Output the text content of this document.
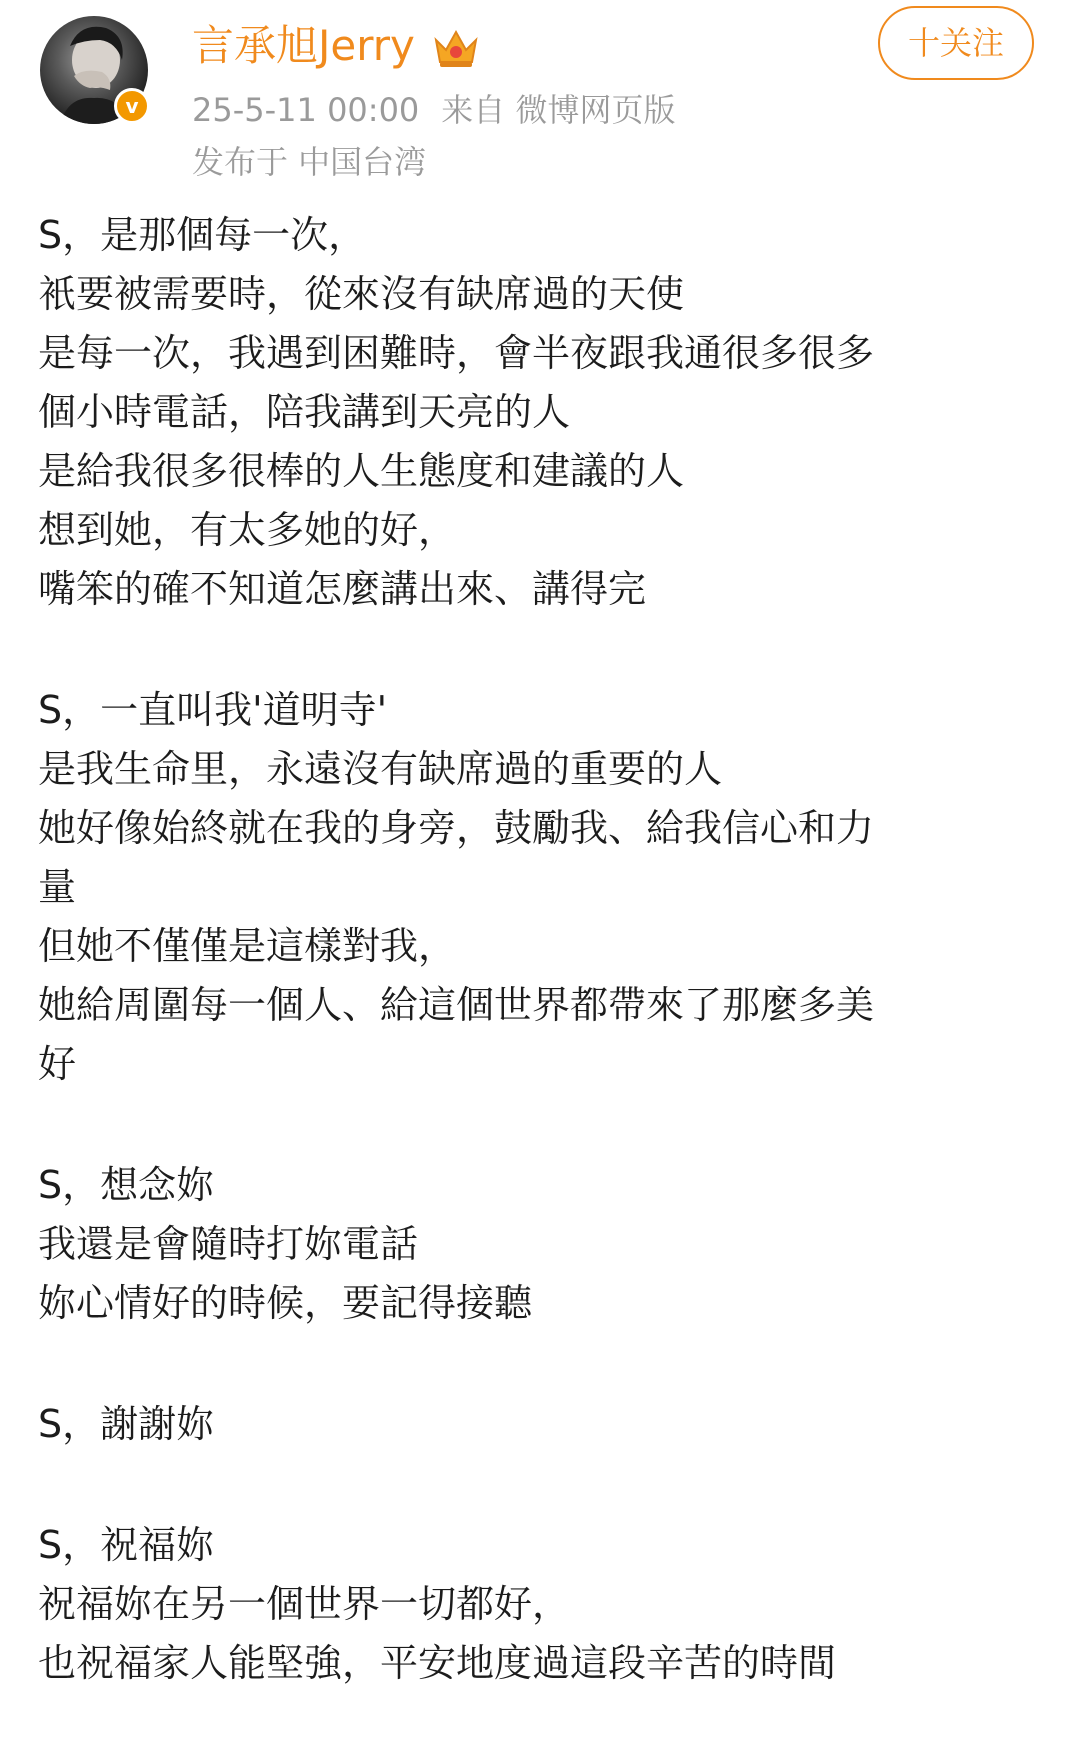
v
言承旭Jerry
25-5-11 00:00 来自 微博网页版
发布于 中国台湾
十关注
S，是那個每一次，
衹要被需要時，從來沒有缺席過的天使
是每一次，我遇到困難時，會半夜跟我通很多很多
個小時電話，陪我講到天亮的人
是給我很多很棒的人生態度和建議的人
想到她，有太多她的好，
嘴笨的確不知道怎麼講出來、講得完
S，一直叫我'道明寺'
是我生命里，永遠沒有缺席過的重要的人
她好像始終就在我的身旁，鼓勵我、給我信心和力
量
但她不僅僅是這樣對我，
她給周圍每一個人、給這個世界都帶來了那麼多美
好
S，想念妳
我還是會隨時打妳電話
妳心情好的時候，要記得接聽
S，謝謝妳
S，祝福妳
祝福妳在另一個世界一切都好，
也祝福家人能堅強，平安地度過這段辛苦的時間
